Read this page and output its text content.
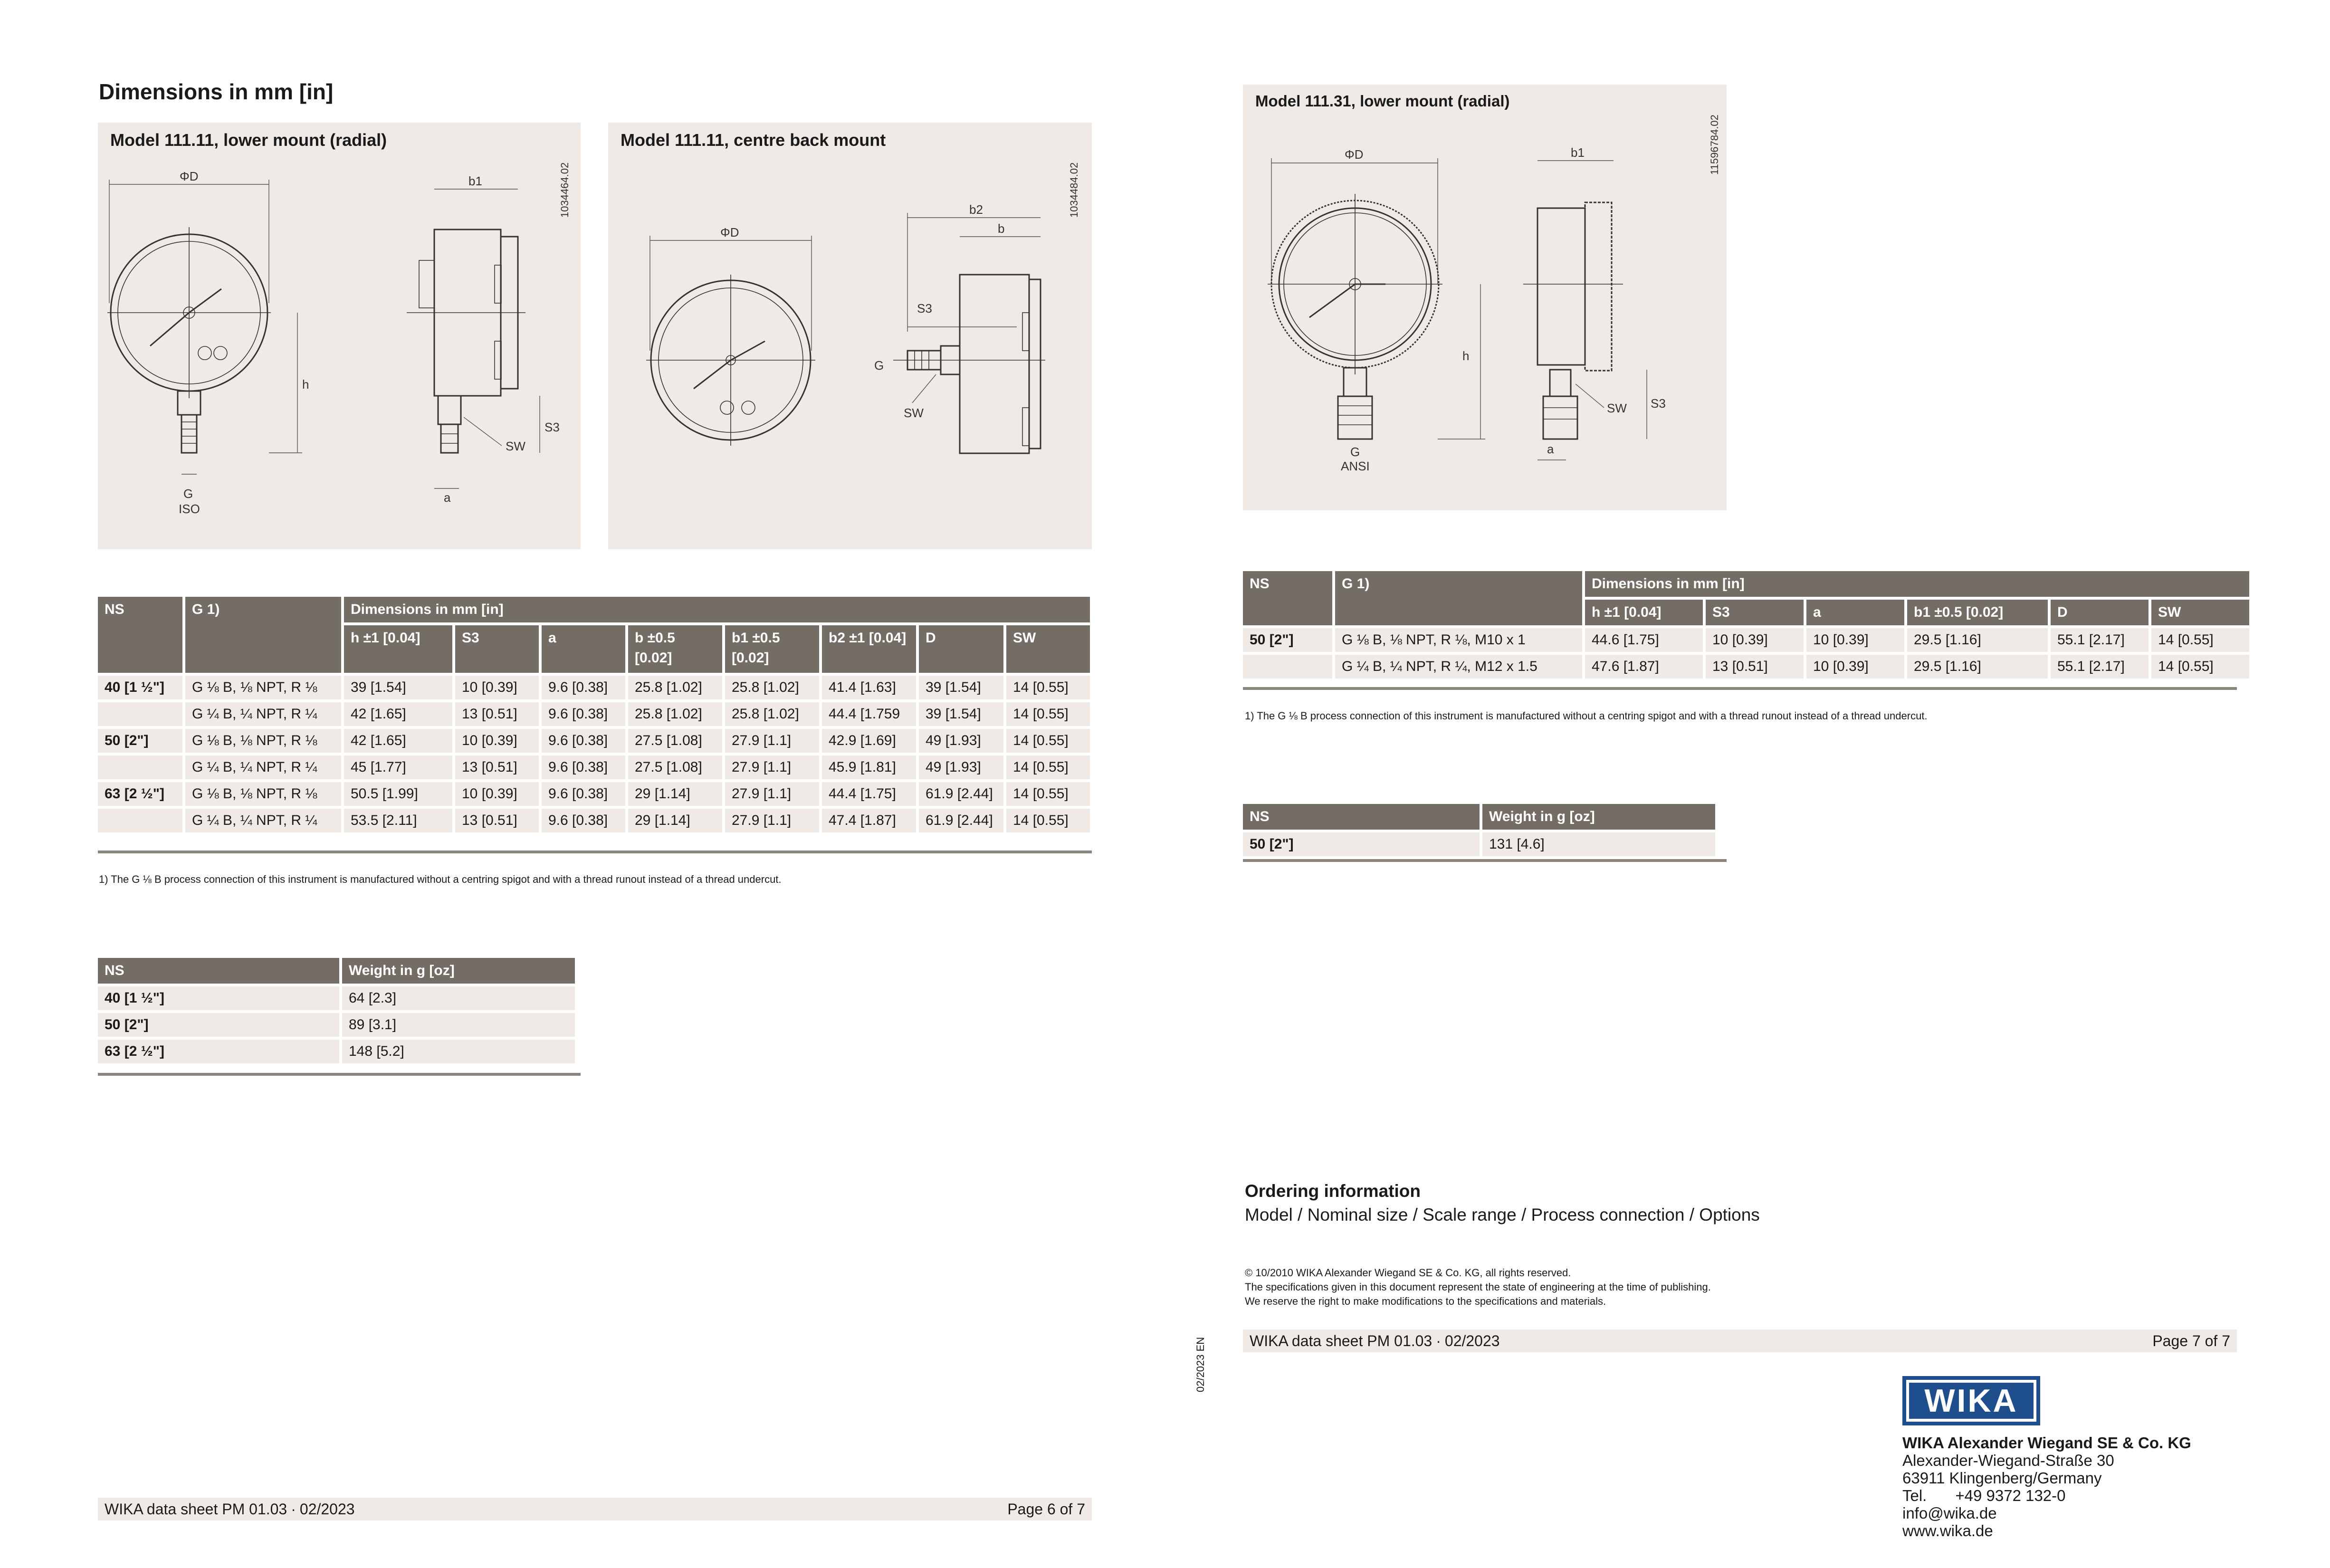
Dimensions in mm [in]
Model 111.11, lower mount (radial)
1034464.02
ΦD
G
ISO
h
b1
SW
S3
a
Model 111.11, centre back mount
1034484.02
ΦD
b2
b
S3
SW
G
NS	G 1)	Dimensions in mm [in]							
		h ±1 [0.04]	S3	a	b ±0.5 [0.02]	b1 ±0.5 [0.02]	b2 ±1 [0.04]	D	SW
40 [1 ½"]	G ⅛ B, ⅛ NPT, R ⅛	39 [1.54]	10 [0.39]	9.6 [0.38]	25.8 [1.02]	25.8 [1.02]	41.4 [1.63]	39 [1.54]	14 [0.55]
	G ¼ B, ¼ NPT, R ¼	42 [1.65]	13 [0.51]	9.6 [0.38]	25.8 [1.02]	25.8 [1.02]	44.4 [1.759	39 [1.54]	14 [0.55]
50 [2"]	G ⅛ B, ⅛ NPT, R ⅛	42 [1.65]	10 [0.39]	9.6 [0.38]	27.5 [1.08]	27.9 [1.1]	42.9 [1.69]	49 [1.93]	14 [0.55]
	G ¼ B, ¼ NPT, R ¼	45 [1.77]	13 [0.51]	9.6 [0.38]	27.5 [1.08]	27.9 [1.1]	45.9 [1.81]	49 [1.93]	14 [0.55]
63 [2 ½"]	G ⅛ B, ⅛ NPT, R ⅛	50.5 [1.99]	10 [0.39]	9.6 [0.38]	29 [1.14]	27.9 [1.1]	44.4 [1.75]	61.9 [2.44]	14 [0.55]
	G ¼ B, ¼ NPT, R ¼	53.5 [2.11]	13 [0.51]	9.6 [0.38]	29 [1.14]	27.9 [1.1]	47.4 [1.87]	61.9 [2.44]	14 [0.55]
1) The G ⅛ B process connection of this instrument is manufactured without a centring spigot and with a thread runout instead of a thread undercut.
NS	Weight in g [oz]
40 [1 ½"]	64 [2.3]
50 [2"]	89 [3.1]
63 [2 ½"]	148 [5.2]
WIKA data sheet PM 01.03 ∙ 02/2023	Page 6 of 7
Model 111.31, lower mount (radial)
11596784.02
ΦD
G
ANSI
h
b1
SW S3
a
NS	G 1)	Dimensions in mm [in]					
		h ±1 [0.04]	S3	a	b1 ±0.5 [0.02]	D	SW
50 [2"]	G ⅛ B, ⅛ NPT, R ⅛, M10 x 1	44.6 [1.75]	10 [0.39]	10 [0.39]	29.5 [1.16]	55.1 [2.17]	14 [0.55]
	G ¼ B, ¼ NPT, R ¼, M12 x 1.5	47.6 [1.87]	13 [0.51]	10 [0.39]	29.5 [1.16]	55.1 [2.17]	14 [0.55]
1) The G ⅛ B process connection of this instrument is manufactured without a centring spigot and with a thread runout instead of a thread undercut.
NS	Weight in g [oz]
50 [2"]	131 [4.6]
Ordering information
Model / Nominal size / Scale range / Process connection / Options
© 10/2010 WIKA Alexander Wiegand SE & Co. KG, all rights reserved.
The specifications given in this document represent the state of engineering at the time of publishing.
We reserve the right to make modifications to the specifications and materials.
02/2023 EN	WIKA data sheet PM 01.03 ∙ 02/2023	Page 7 of 7
WIKA
WIKA Alexander Wiegand SE & Co. KG
Alexander-Wiegand-Straße 30
63911 Klingenberg/Germany
Tel. +49 9372 132-0
info@wika.de
www.wika.de
